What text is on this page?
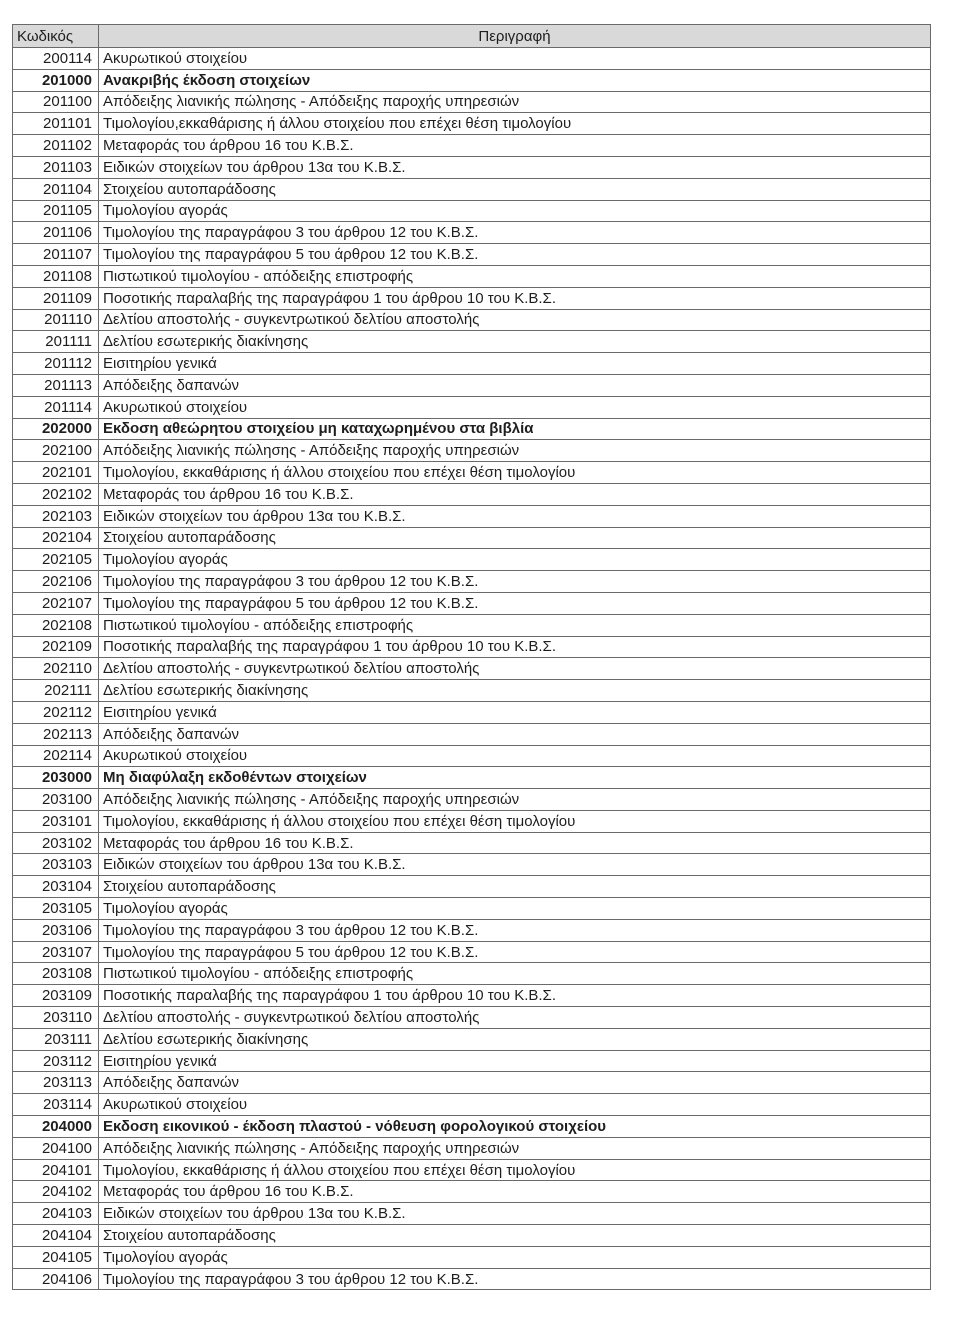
Κωδικός	Περιγραφή
200114	Ακυρωτικού στοιχείου
201000	Ανακριβής έκδοση στοιχείων
201100	Απόδειξης λιανικής πώλησης - Απόδειξης παροχής υπηρεσιών
201101	Τιμολογίου,εκκαθάρισης ή άλλου στοιχείου που επέχει θέση τιμολογίου
201102	Μεταφοράς του άρθρου 16 του Κ.Β.Σ.
201103	Ειδικών στοιχείων του άρθρου 13α του Κ.Β.Σ.
201104	Στοιχείου αυτοπαράδοσης
201105	Τιμολογίου αγοράς
201106	Τιμολογίου της παραγράφου 3 του άρθρου 12 του Κ.Β.Σ.
201107	Τιμολογίου της παραγράφου 5 του άρθρου 12 του Κ.Β.Σ.
201108	Πιστωτικού τιμολογίου - απόδειξης επιστροφής
201109	Ποσοτικής παραλαβής της παραγράφου 1 του άρθρου 10 του Κ.Β.Σ.
201110	Δελτίου αποστολής - συγκεντρωτικού δελτίου αποστολής
201111	Δελτίου εσωτερικής διακίνησης
201112	Εισιτηρίου γενικά
201113	Απόδειξης δαπανών
201114	Ακυρωτικού στοιχείου
202000	Εκδοση αθεώρητου στοιχείου μη καταχωρημένου στα βιβλία
202100	Απόδειξης λιανικής πώλησης - Απόδειξης παροχής υπηρεσιών
202101	Τιμολογίου, εκκαθάρισης ή άλλου στοιχείου που επέχει θέση τιμολογίου
202102	Μεταφοράς του άρθρου 16 του Κ.Β.Σ.
202103	Ειδικών στοιχείων του άρθρου 13α του Κ.Β.Σ.
202104	Στοιχείου αυτοπαράδοσης
202105	Τιμολογίου αγοράς
202106	Τιμολογίου της παραγράφου 3 του άρθρου 12 του Κ.Β.Σ.
202107	Τιμολογίου της παραγράφου 5 του άρθρου 12 του Κ.Β.Σ.
202108	Πιστωτικού τιμολογίου - απόδειξης επιστροφής
202109	Ποσοτικής παραλαβής της παραγράφου 1 του άρθρου 10 του Κ.Β.Σ.
202110	Δελτίου αποστολής - συγκεντρωτικού δελτίου αποστολής
202111	Δελτίου εσωτερικής διακίνησης
202112	Εισιτηρίου γενικά
202113	Απόδειξης δαπανών
202114	Ακυρωτικού στοιχείου
203000	Μη διαφύλαξη εκδοθέντων στοιχείων
203100	Απόδειξης λιανικής πώλησης - Απόδειξης παροχής υπηρεσιών
203101	Τιμολογίου, εκκαθάρισης ή άλλου στοιχείου που επέχει θέση τιμολογίου
203102	Μεταφοράς του άρθρου 16 του Κ.Β.Σ.
203103	Ειδικών στοιχείων του άρθρου 13α του Κ.Β.Σ.
203104	Στοιχείου αυτοπαράδοσης
203105	Τιμολογίου αγοράς
203106	Τιμολογίου της παραγράφου 3 του άρθρου 12 του Κ.Β.Σ.
203107	Τιμολογίου της παραγράφου 5 του άρθρου 12 του Κ.Β.Σ.
203108	Πιστωτικού τιμολογίου - απόδειξης επιστροφής
203109	Ποσοτικής παραλαβής της παραγράφου 1 του άρθρου 10 του Κ.Β.Σ.
203110	Δελτίου αποστολής - συγκεντρωτικού δελτίου αποστολής
203111	Δελτίου εσωτερικής διακίνησης
203112	Εισιτηρίου γενικά
203113	Απόδειξης δαπανών
203114	Ακυρωτικού στοιχείου
204000	Εκδοση εικονικού - έκδοση πλαστού - νόθευση φορολογικού στοιχείου
204100	Απόδειξης λιανικής πώλησης - Απόδειξης παροχής υπηρεσιών
204101	Τιμολογίου, εκκαθάρισης ή άλλου στοιχείου που επέχει θέση τιμολογίου
204102	Μεταφοράς του άρθρου 16 του Κ.Β.Σ.
204103	Ειδικών στοιχείων του άρθρου 13α του Κ.Β.Σ.
204104	Στοιχείου αυτοπαράδοσης
204105	Τιμολογίου αγοράς
204106	Τιμολογίου της παραγράφου 3 του άρθρου 12 του Κ.Β.Σ.
